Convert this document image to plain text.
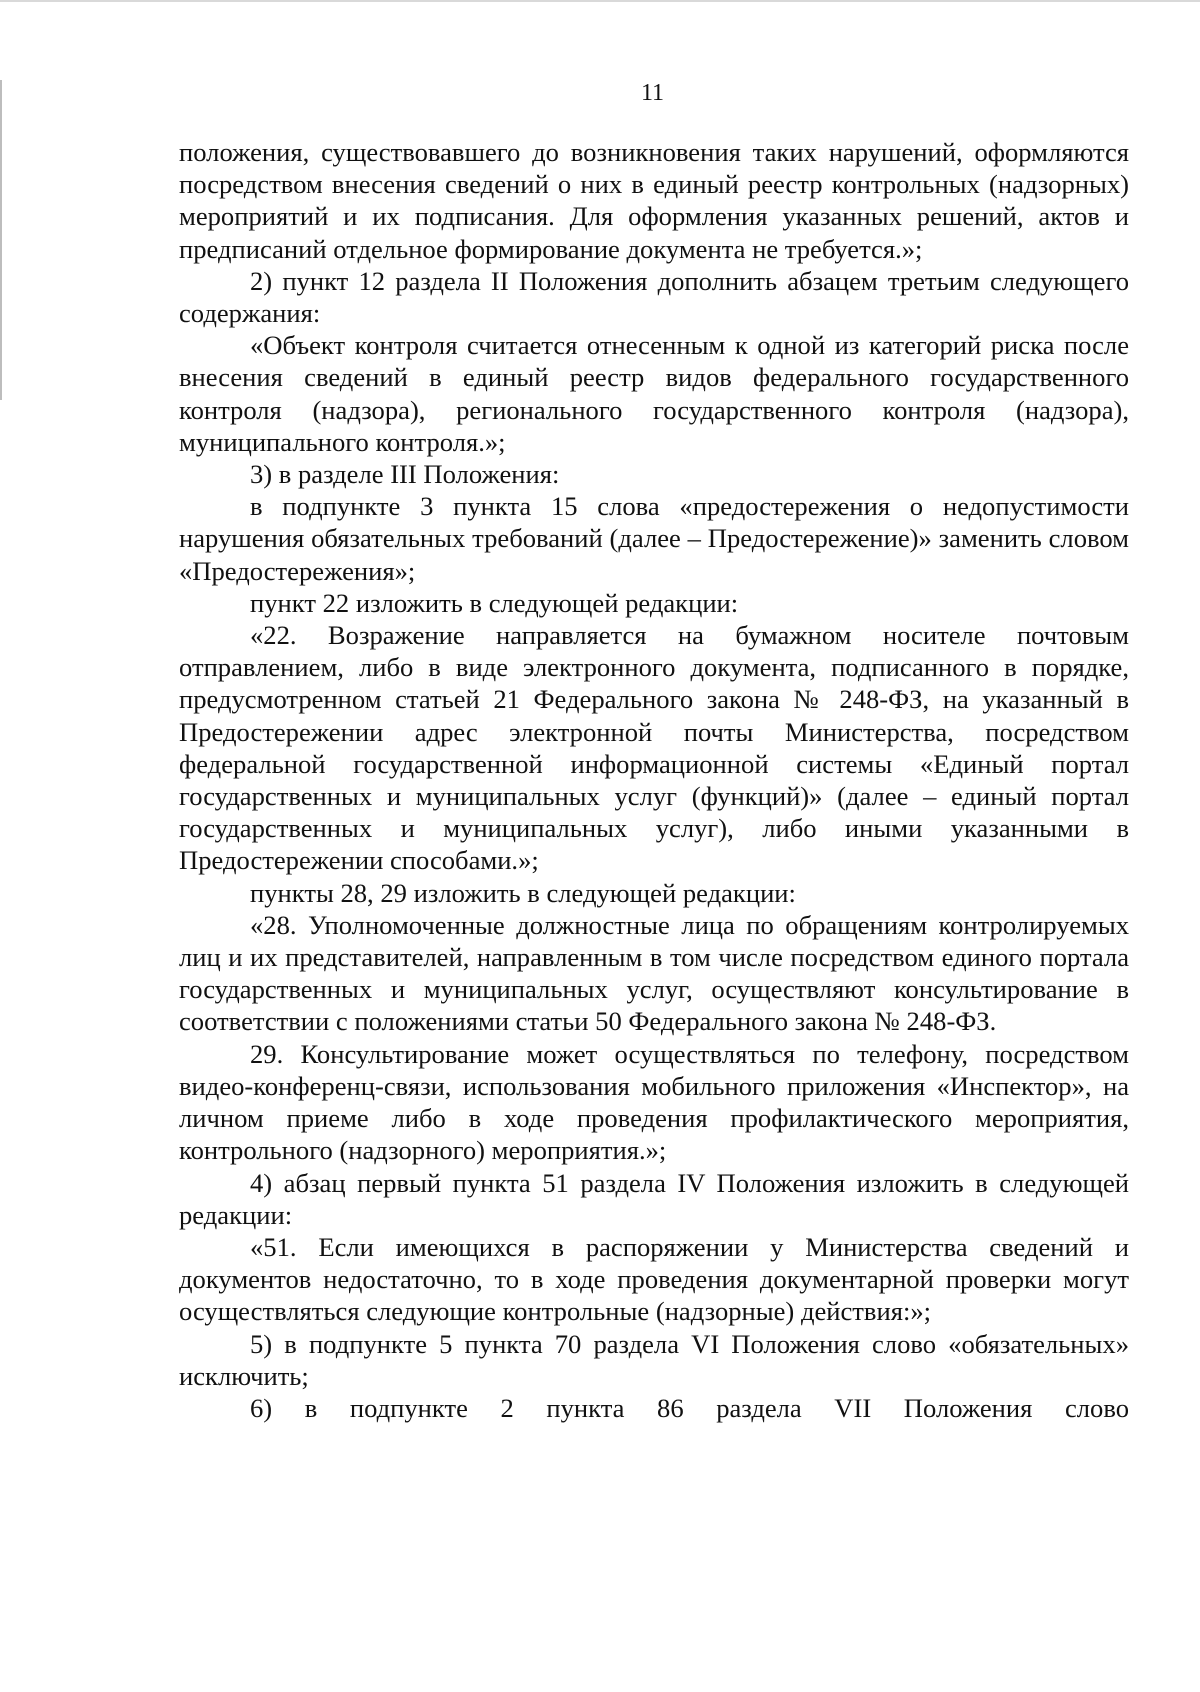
11

положения, существовавшего до возникновения таких нарушений, оформляются посредством внесения сведений о них в единый реестр контрольных (надзорных) мероприятий и их подписания. Для оформления указанных решений, актов и предписаний отдельное формирование документа не требуется.»;

2) пункт 12 раздела II Положения дополнить абзацем третьим следующего содержания:

«Объект контроля считается отнесенным к одной из категорий риска после внесения сведений в единый реестр видов федерального государственного контроля (надзора), регионального государственного контроля (надзора), муниципального контроля.»;

3) в разделе III Положения:

в подпункте 3 пункта 15 слова «предостережения о недопустимости нарушения обязательных требований (далее – Предостережение)» заменить словом «Предостережения»;

пункт 22 изложить в следующей редакции:

«22. Возражение направляется на бумажном носителе почтовым отправлением, либо в виде электронного документа, подписанного в порядке, предусмотренном статьей 21 Федерального закона № 248-ФЗ, на указанный в Предостережении адрес электронной почты Министерства, посредством федеральной государственной информационной системы «Единый портал государственных и муниципальных услуг (функций)» (далее – единый портал государственных и муниципальных услуг), либо иными указанными в Предостережении способами.»;

пункты 28, 29 изложить в следующей редакции:

«28. Уполномоченные должностные лица по обращениям контролируемых лиц и их представителей, направленным в том числе посредством единого портала государственных и муниципальных услуг, осуществляют консультирование в соответствии с положениями статьи 50 Федерального закона № 248-ФЗ.

29. Консультирование может осуществляться по телефону, посредством видео-конференц-связи, использования мобильного приложения «Инспектор», на личном приеме либо в ходе проведения профилактического мероприятия, контрольного (надзорного) мероприятия.»;

4) абзац первый пункта 51 раздела IV Положения изложить в следующей редакции:

«51. Если имеющихся в распоряжении у Министерства сведений и документов недостаточно, то в ходе проведения документарной проверки могут осуществляться следующие контрольные (надзорные) действия:»;

5) в подпункте 5 пункта 70 раздела VI Положения слово «обязательных» исключить;

6) в подпункте 2 пункта 86 раздела VII Положения слово
